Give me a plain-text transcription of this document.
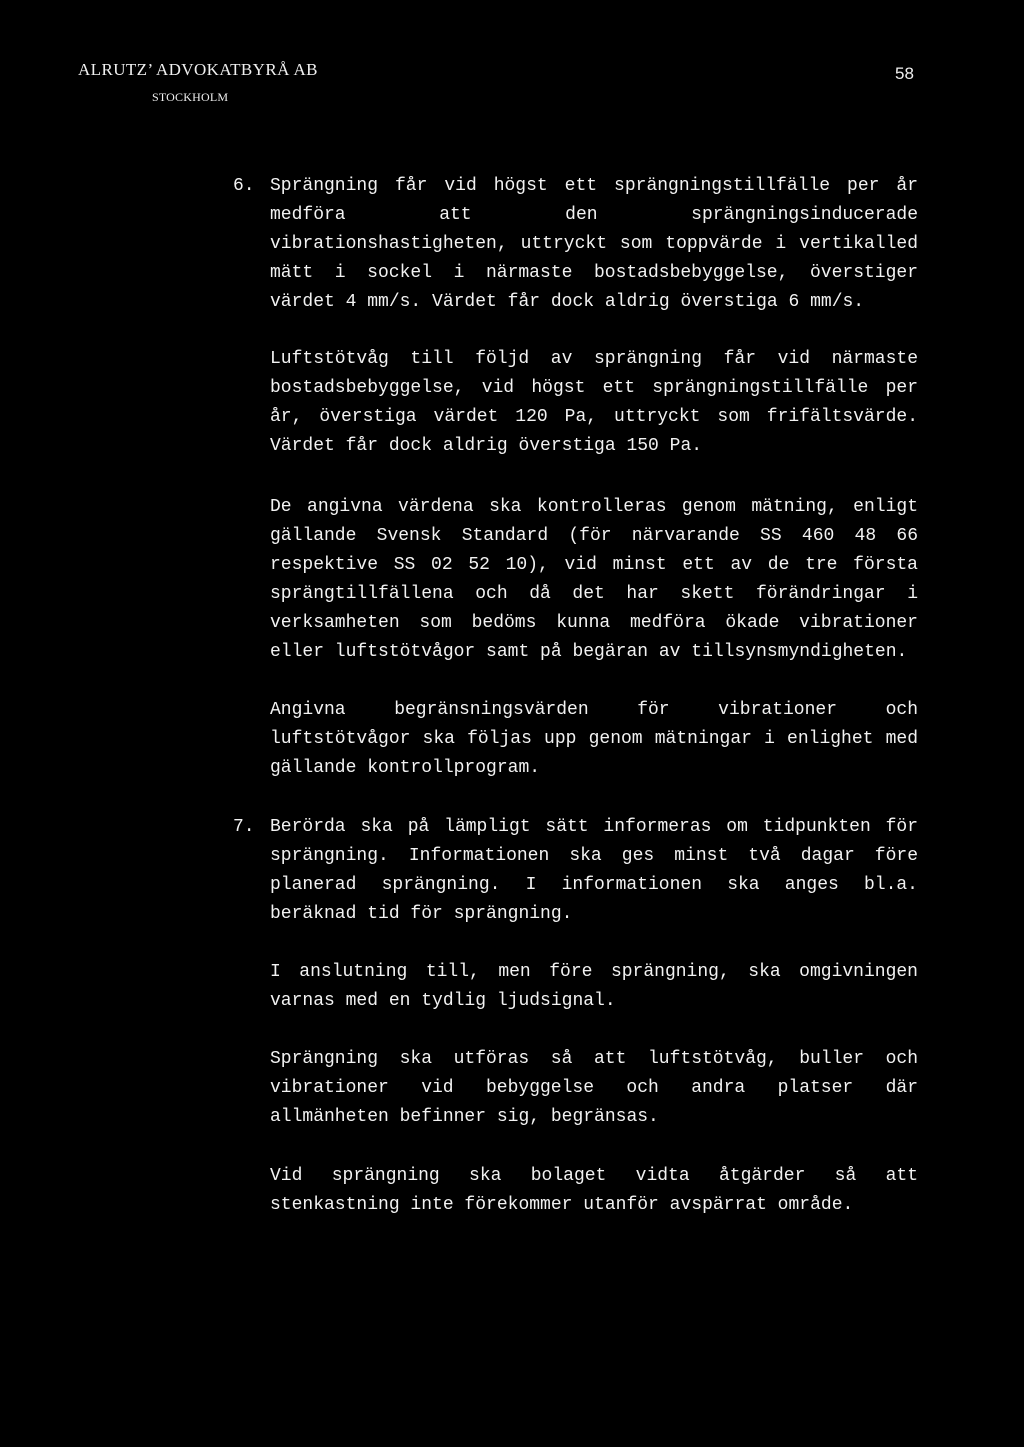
ALRUTZ’ ADVOKATBYRÅ AB
STOCKHOLM
58
6. Sprängning får vid högst ett sprängningstillfälle per år medföra att den sprängningsinducerade vibrationshastigheten, uttryckt som toppvärde i vertikalled mätt i sockel i närmaste bostadsbebyggelse, överstiger värdet 4 mm/s. Värdet får dock aldrig överstiga 6 mm/s.
Luftstötvåg till följd av sprängning får vid närmaste bostadsbebyggelse, vid högst ett sprängningstillfälle per år, överstiga värdet 120 Pa, uttryckt som frifältsvärde. Värdet får dock aldrig överstiga 150 Pa.
De angivna värdena ska kontrolleras genom mätning, enligt gällande Svensk Standard (för närvarande SS 460 48 66 respektive SS 02 52 10), vid minst ett av de tre första sprängtillfällena och då det har skett förändringar i verksamheten som bedöms kunna medföra ökade vibrationer eller luftstötvågor samt på begäran av tillsynsmyndigheten.
Angivna begränsningsvärden för vibrationer och luftstötvågor ska följas upp genom mätningar i enlighet med gällande kontrollprogram.
7. Berörda ska på lämpligt sätt informeras om tidpunkten för sprängning. Informationen ska ges minst två dagar före planerad sprängning. I informationen ska anges bl.a. beräknad tid för sprängning.
I anslutning till, men före sprängning, ska omgivningen varnas med en tydlig ljudsignal.
Sprängning ska utföras så att luftstötvåg, buller och vibrationer vid bebyggelse och andra platser där allmänheten befinner sig, begränsas.
Vid sprängning ska bolaget vidta åtgärder så att stenkastning inte förekommer utanför avspärrat område.
